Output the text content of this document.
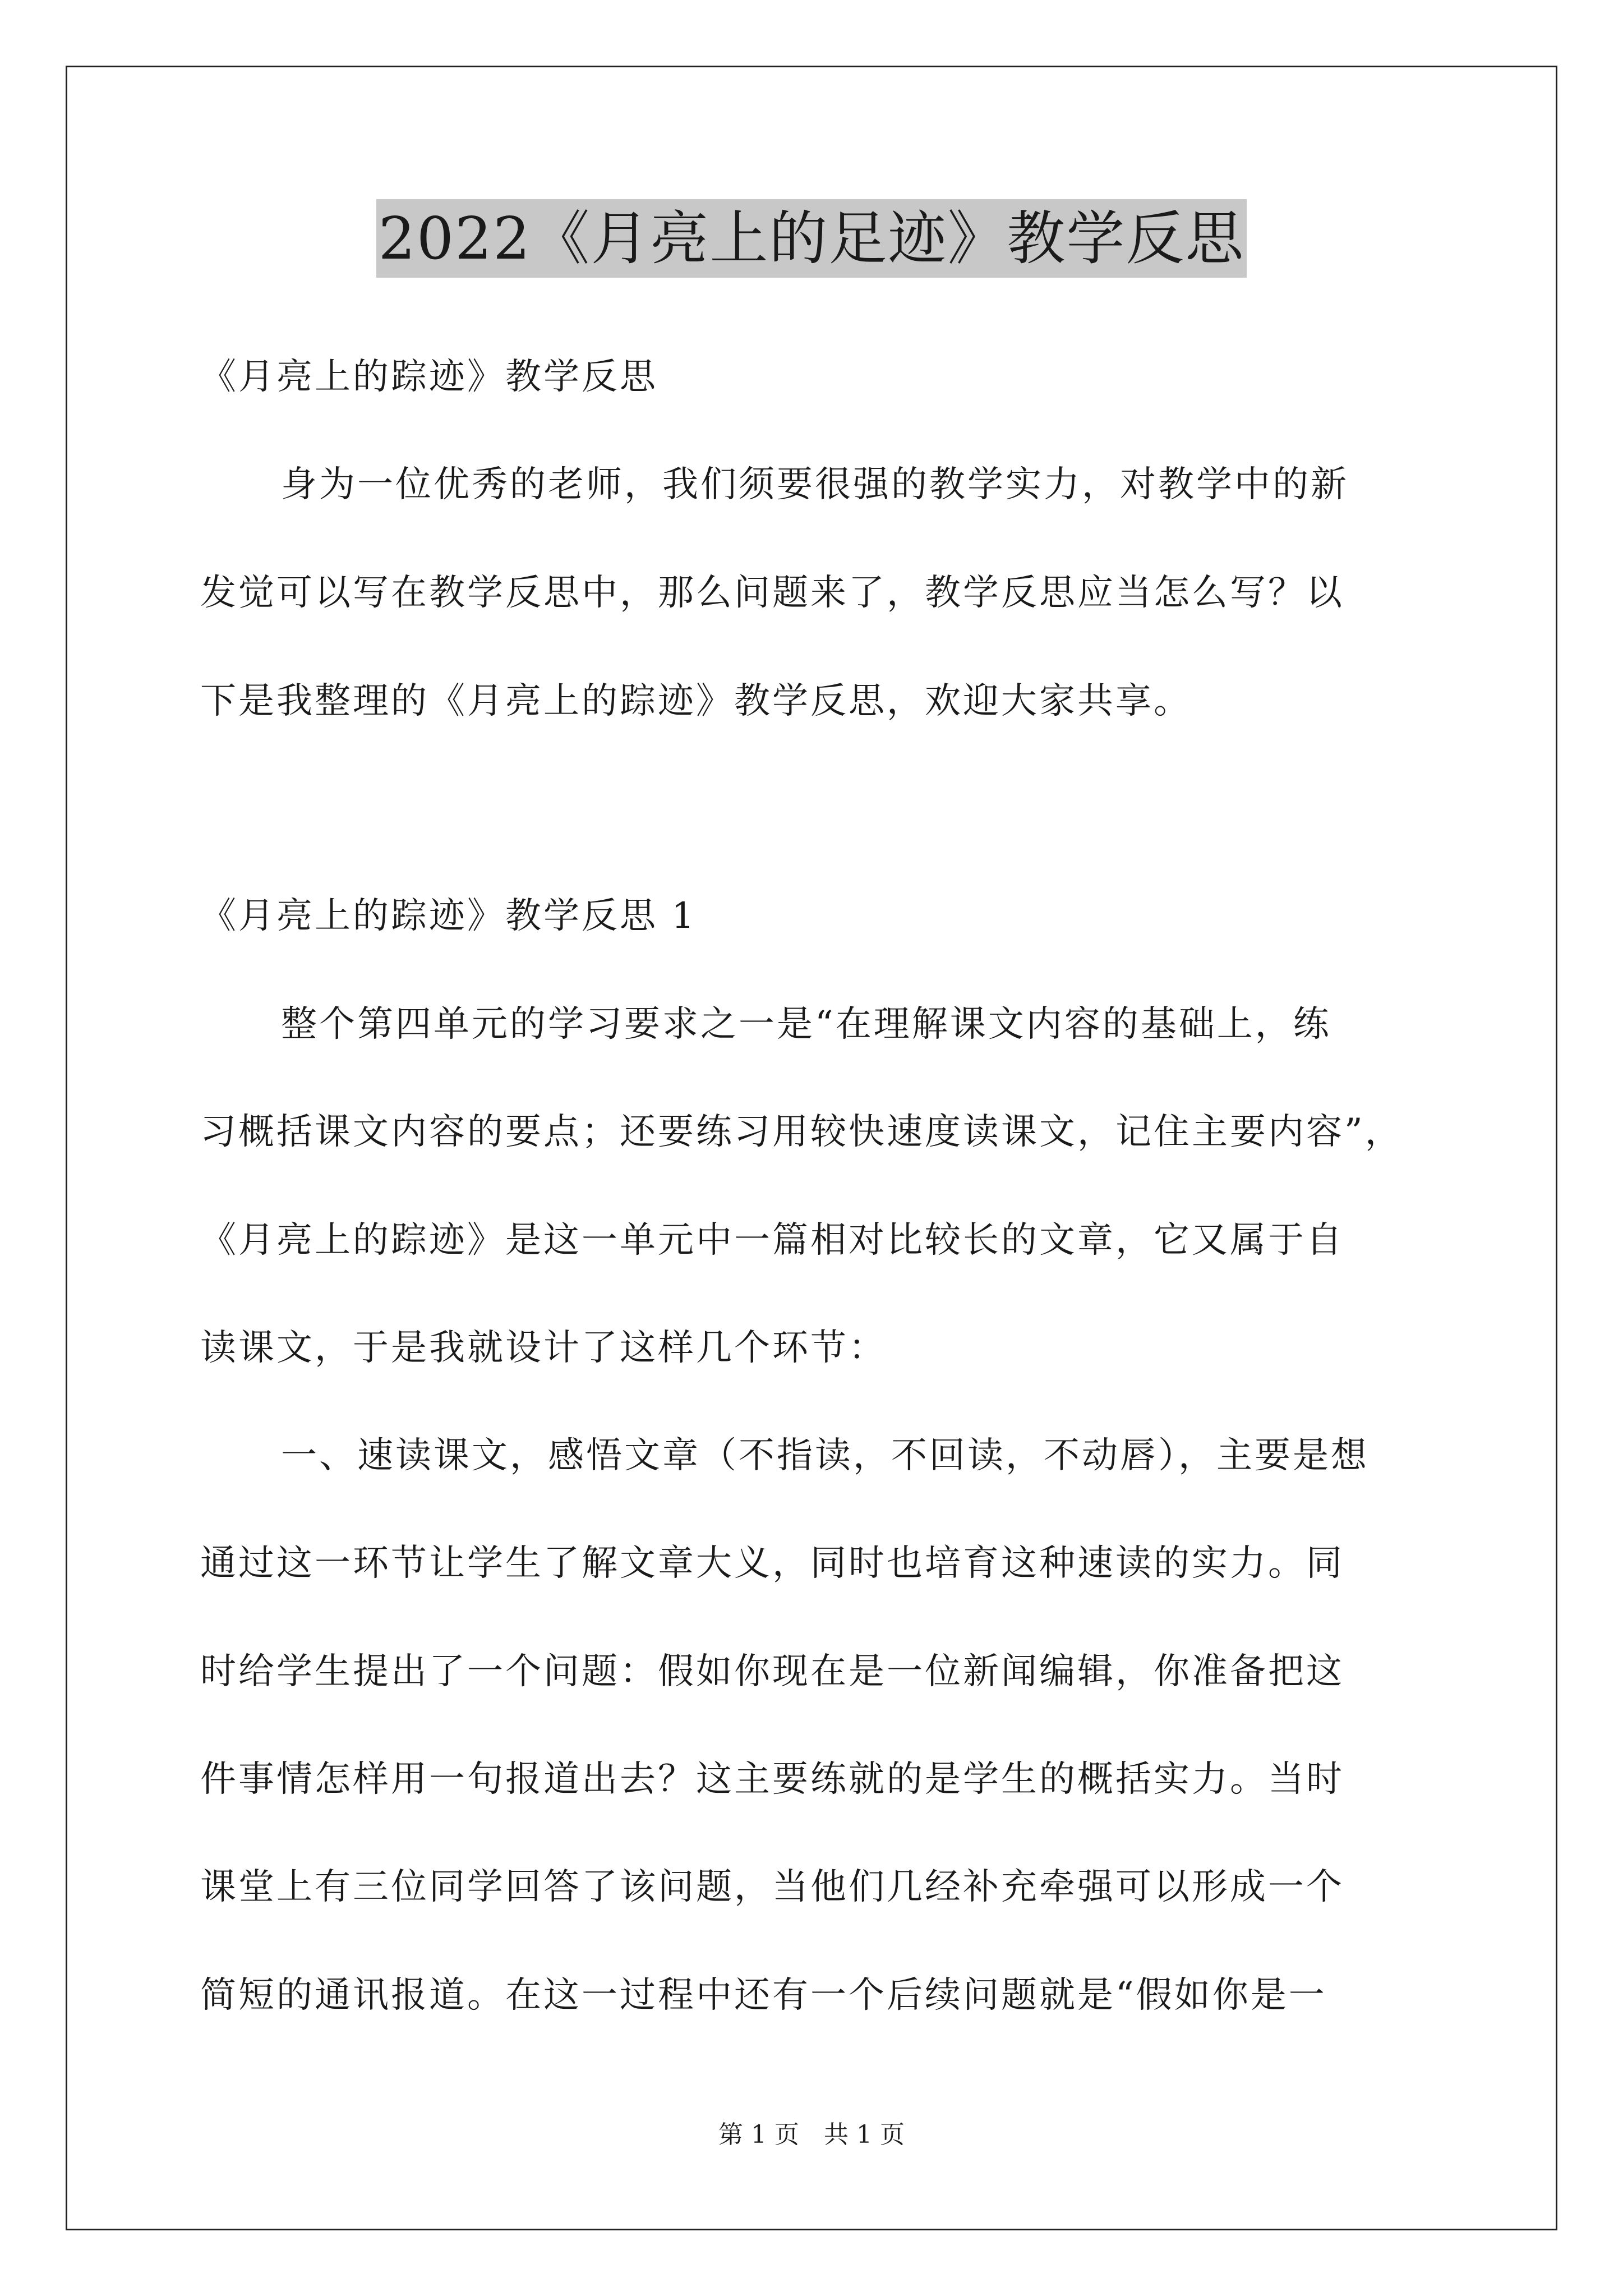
2022《月亮上的足迹》教学反思
《月亮上的踪迹》教学反思
身为一位优秀的老师，我们须要很强的教学实力，对教学中的新
发觉可以写在教学反思中，那么问题来了，教学反思应当怎么写？以
下是我整理的《月亮上的踪迹》教学反思，欢迎大家共享。
《月亮上的踪迹》教学反思 1
整个第四单元的学习要求之一是“在理解课文内容的基础上，练
习概括课文内容的要点；还要练习用较快速度读课文，记住主要内容”，
《月亮上的踪迹》是这一单元中一篇相对比较长的文章，它又属于自
读课文，于是我就设计了这样几个环节：
一、速读课文，感悟文章（不指读，不回读，不动唇），主要是想
通过这一环节让学生了解文章大义，同时也培育这种速读的实力。同
时给学生提出了一个问题：假如你现在是一位新闻编辑，你准备把这
件事情怎样用一句报道出去？这主要练就的是学生的概括实力。当时
课堂上有三位同学回答了该问题，当他们几经补充牵强可以形成一个
简短的通讯报道。在这一过程中还有一个后续问题就是“假如你是一
第 1 页　共 1 页
